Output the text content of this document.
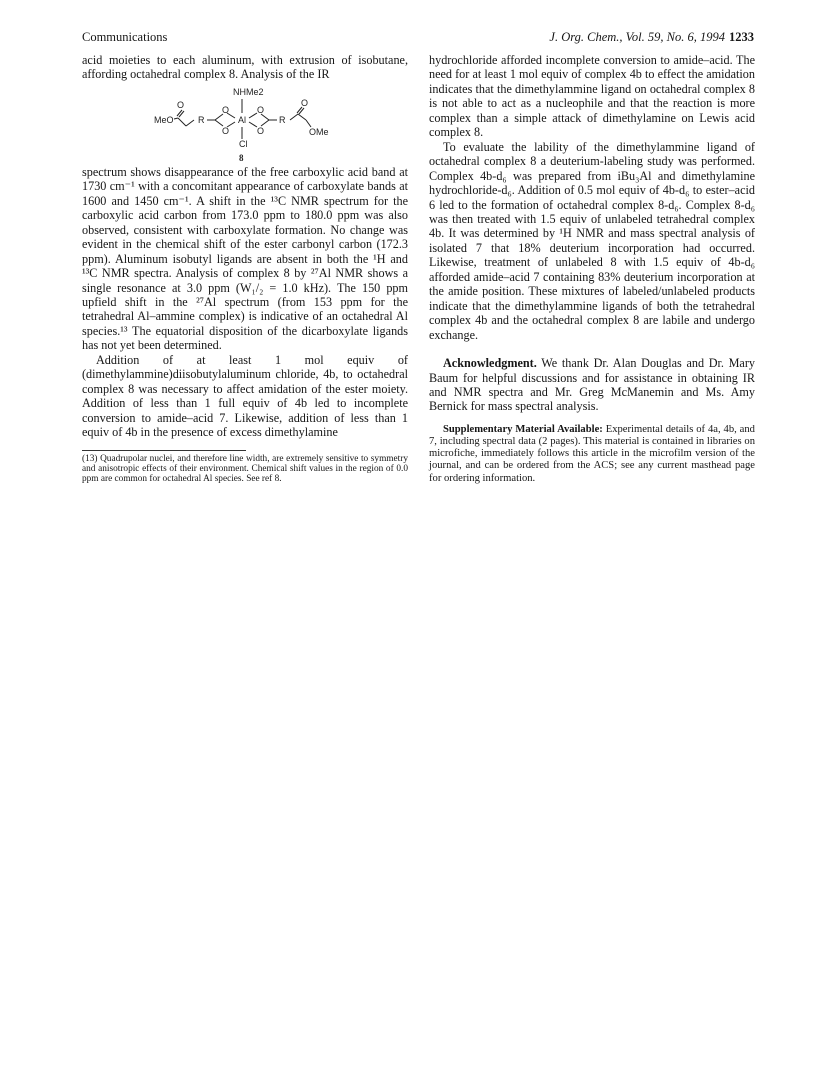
Communications	J. Org. Chem., Vol. 59, No. 6, 1994 1233

acid moieties to each aluminum, with extrusion of isobutane, affording octahedral complex 8. Analysis of the IR

NHMe2
Al
Cl
R	R
MeO
OMe
O	O
O
O
O
O
8

spectrum shows disappearance of the free carboxylic acid band at 1730 cm⁻¹ with a concomitant appearance of carboxylate bands at 1600 and 1450 cm⁻¹. A shift in the ¹³C NMR spectrum for the carboxylic acid carbon from 173.0 ppm to 180.0 ppm was also observed, consistent with carboxylate formation. No change was evident in the chemical shift of the ester carbonyl carbon (172.3 ppm). Aluminum isobutyl ligands are absent in both the ¹H and ¹³C NMR spectra. Analysis of complex 8 by ²⁷Al NMR shows a single resonance at 3.0 ppm (W₁/₂ = 1.0 kHz). The 150 ppm upfield shift in the ²⁷Al spectrum (from 153 ppm for the tetrahedral Al–ammine complex) is indicative of an octahedral Al species.¹³ The equatorial disposition of the dicarboxylate ligands has not yet been determined.

Addition of at least 1 mol equiv of (dimethylammine)diisobutylaluminum chloride, 4b, to octahedral complex 8 was necessary to affect amidation of the ester moiety. Addition of less than 1 full equiv of 4b led to incomplete conversion to amide–acid 7. Likewise, addition of less than 1 equiv of 4b in the presence of excess dimethylamine

(13) Quadrupolar nuclei, and therefore line width, are extremely sensitive to symmetry and anisotropic effects of their environment. Chemical shift values in the region of 0.0 ppm are common for octahedral Al species. See ref 8.

hydrochloride afforded incomplete conversion to amide–acid. The need for at least 1 mol equiv of complex 4b to effect the amidation indicates that the dimethylammine ligand on octahedral complex 8 is not able to act as a nucleophile and that the reaction is more complex than a simple attack of dimethylamine on Lewis acid complex 8.

To evaluate the lability of the dimethylammine ligand of octahedral complex 8 a deuterium-labeling study was performed. Complex 4b-d₆ was prepared from iBu₃Al and dimethylamine hydrochloride-d₆. Addition of 0.5 mol equiv of 4b-d₆ to ester–acid 6 led to the formation of octahedral complex 8-d₆. Complex 8-d₆ was then treated with 1.5 equiv of unlabeled tetrahedral complex 4b. It was determined by ¹H NMR and mass spectral analysis of isolated 7 that 18% deuterium incorporation had occurred. Likewise, treatment of unlabeled 8 with 1.5 equiv of 4b-d₆ afforded amide–acid 7 containing 83% deuterium incorporation at the amide position. These mixtures of labeled/unlabeled products indicate that the dimethylammine ligands of both the tetrahedral complex 4b and the octahedral complex 8 are labile and undergo exchange.

Acknowledgment. We thank Dr. Alan Douglas and Dr. Mary Baum for helpful discussions and for assistance in obtaining IR and NMR spectra and Mr. Greg McManemin and Ms. Amy Bernick for mass spectral analysis.

Supplementary Material Available: Experimental details of 4a, 4b, and 7, including spectral data (2 pages). This material is contained in libraries on microfiche, immediately follows this article in the microfilm version of the journal, and can be ordered from the ACS; see any current masthead page for ordering information.
